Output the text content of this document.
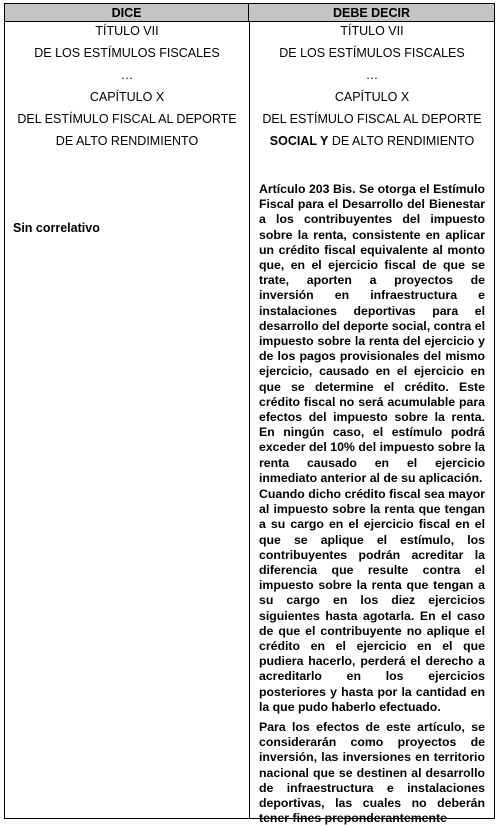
DICE	DEBE DECIR
TÍTULO VII
DE LOS ESTÍMULOS FISCALES
…
CAPÍTULO X
DEL ESTÍMULO FISCAL AL DEPORTE
DE ALTO RENDIMIENTO
Sin correlativo
TÍTULO VII
DE LOS ESTÍMULOS FISCALES
…
CAPÍTULO X
DEL ESTÍMULO FISCAL AL DEPORTE
SOCIAL Y DE ALTO RENDIMIENTO
Artículo 203 Bis. Se otorga el Estímulo Fiscal para el Desarrollo del Bienestar a los contribuyentes del impuesto sobre la renta, consistente en aplicar un crédito fiscal equivalente al monto que, en el ejercicio fiscal de que se trate, aporten a proyectos de inversión en infraestructura e instalaciones deportivas para el desarrollo del deporte social, contra el impuesto sobre la renta del ejercicio y de los pagos provisionales del mismo ejercicio, causado en el ejercicio en que se determine el crédito. Este crédito fiscal no será acumulable para efectos del impuesto sobre la renta. En ningún caso, el estímulo podrá exceder del 10% del impuesto sobre la renta causado en el ejercicio inmediato anterior al de su aplicación.
Cuando dicho crédito fiscal sea mayor al impuesto sobre la renta que tengan a su cargo en el ejercicio fiscal en el que se aplique el estímulo, los contribuyentes podrán acreditar la diferencia que resulte contra el impuesto sobre la renta que tengan a su cargo en los diez ejercicios siguientes hasta agotarla. En el caso de que el contribuyente no aplique el crédito en el ejercicio en el que pudiera hacerlo, perderá el derecho a acreditarlo en los ejercicios posteriores y hasta por la cantidad en la que pudo haberlo efectuado.
Para los efectos de este artículo, se considerarán como proyectos de inversión, las inversiones en territorio nacional que se destinen al desarrollo de infraestructura e instalaciones deportivas, las cuales no deberán tener fines preponderantemente
